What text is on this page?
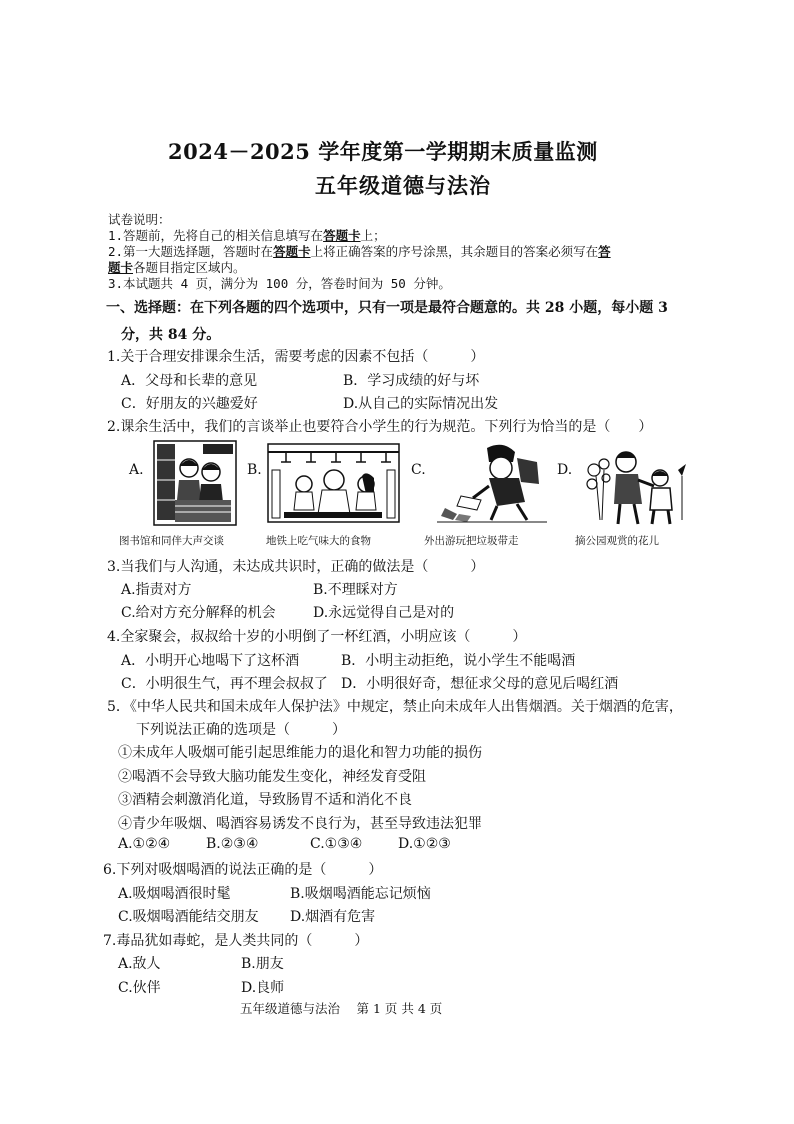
2024－2025 学年度第一学期期末质量监测
五年级道德与法治
试卷说明：
1.答题前，先将自己的相关信息填写在答题卡上；
2.第一大题选择题，答题时在答题卡上将正确答案的序号涂黑，其余题目的答案必须写在答
题卡各题目指定区域内。
3.本试题共 4 页，满分为 100 分，答卷时间为 50 分钟。
一、选择题：在下列各题的四个选项中，只有一项是最符合题意的。共 28 小题，每小题 3
分，共 84 分。
1.关于合理安排课余生活，需要考虑的因素不包括（　　　）
A．父母和长辈的意见	B．学习成绩的好与坏
C．好朋友的兴趣爱好	D.从自己的实际情况出发
2.课余生活中，我们的言谈举止也要符合小学生的行为规范。下列行为恰当的是（　　）
A.	B.	C.	D.
图书馆和同伴大声交谈	地铁上吃气味大的食物	外出游玩把垃圾带走	摘公园观赏的花儿
3.当我们与人沟通，未达成共识时，正确的做法是（　　　）
A.指责对方	B.不理睬对方
C.给对方充分解释的机会	D.永远觉得自己是对的
4.全家聚会，叔叔给十岁的小明倒了一杯红酒，小明应该（　　　）
A．小明开心地喝下了这杯酒	B．小明主动拒绝，说小学生不能喝酒
C．小明很生气，再不理会叔叔了 D．小明很好奇，想征求父母的意见后喝红酒
5．《中华人民共和国未成年人保护法》中规定，禁止向未成年人出售烟酒。关于烟酒的危害，
下列说法正确的选项是（　　　）
①未成年人吸烟可能引起思维能力的退化和智力功能的损伤
②喝酒不会导致大脑功能发生变化，神经发育受阻
③酒精会刺激消化道，导致肠胃不适和消化不良
④青少年吸烟、喝酒容易诱发不良行为，甚至导致违法犯罪
A.①②④	B.②③④	C.①③④	D.①②③
6.下列对吸烟喝酒的说法正确的是（　　　）
A.吸烟喝酒很时髦	B.吸烟喝酒能忘记烦恼
C.吸烟喝酒能结交朋友 D.烟酒有危害
7.毒品犹如毒蛇，是人类共同的（　　　）
A.敌人	B.朋友
C.伙伴	D.良师
五年级道德与法治　 第 1 页 共 4 页
